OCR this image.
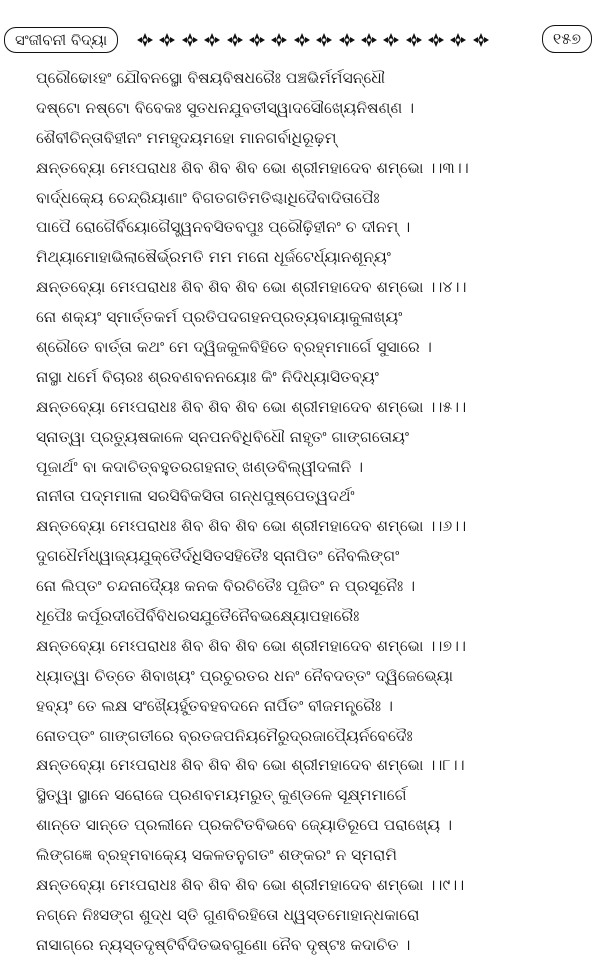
ସଂଜୀବନୀ ବିଦ୍ୟା	୧୫୭
ପ୍ରୌଢୋଽହଂ ଯୌବନସ୍ଥୋ ବିଷୟବିଷଧରୈଃ ପଞ୍ଚଭିର୍ମର୍ମସନ୍ଧୌ
ଦଷ୍ଟୋ ନଷ୍ଟୋ ବିବେକଃ ସୁତଧନଯୁବତୀସ୍ୱାଦସୌଖ୍ୟେନିଷଣ୍ଣ ।
ଶୈବୀଚିନ୍ତାବିହୀନଂ ମମହୃଦୟମହୋ ମାନଗର୍ବାଧିରୂଢ଼ମ୍
କ୍ଷନ୍ତବ୍ୟୋ ମେଽପରାଧଃ ଶିବ ଶିବ ଶିବ ଭୋ ଶ୍ରୀମହାଦେବ ଶମ୍ଭୋ ।।୩।।
ବାର୍ଦ୍ଧକ୍ୟେ ଚେନ୍ଦ୍ରିୟାଣାଂ ବିଗତଗତିମତିଶ୍ଚାଧିଦୈବାଦିତାପୈଃ
ପାପୈ ରୋଗୈର୍ବିୟୋଗୈସ୍ତ୍ୱନବସିତବପୁଃ ପ୍ରୌଢ଼ିହୀନଂ ଚ ଦୀନମ୍ ।
ମିଥ୍ୟାମୋହାଭିଲାଷୈର୍ଭ୍ରମତି ମମ ମନୋ ଧୂର୍ଜଟେର୍ଧ୍ୟାନଶୂନ୍ୟଂ
କ୍ଷନ୍ତବ୍ୟୋ ମେଽପରାଧଃ ଶିବ ଶିବ ଶିବ ଭୋ ଶ୍ରୀମହାଦେବ ଶମ୍ଭୋ ।।୪।।
ନୋ ଶକ୍ୟଂ ସ୍ମାର୍ତ୍ତକର୍ମ ପ୍ରତିପଦଗହନପ୍ରତ୍ୟବାୟାକୁଳାଖ୍ୟଂ
ଶ୍ରୌତେ ବାର୍ତ୍ତା କଥଂ ମେ ଦ୍ୱିଜକୁଳବିହିତେ ବ୍ରହ୍ମମାର୍ଗେ ସୁସାରେ ।
ନାସ୍ଥା ଧର୍ମେ ବିଚାରଃ ଶ୍ରବଣବନନୟୋଃ କିଂ ନିଦିଧ୍ୟାସିତବ୍ୟଂ
କ୍ଷନ୍ତବ୍ୟୋ ମେଽପରାଧଃ ଶିବ ଶିବ ଶିବ ଭୋ ଶ୍ରୀମହାଦେବ ଶମ୍ଭୋ ।।୫।।
ସ୍ନାତ୍ୱା ପ୍ରତ୍ୟୁଷକାଳେ ସ୍ନପନବିଧିବିଧୌ ନାହୃତଂ ଗାଙ୍ଗତୋୟଂ
ପୂଜାର୍ଥଂ ବା କଦାଚିତ୍‌ବହୁତରଗହନାତ୍ ଖଣ୍ଡବିଲ୍ୱୀଦଳାନି ।
ନାନୀତା ପଦ୍ମମାଳା ସରସିବିକସିତା ଗନ୍ଧପୁଷ୍ପେତ୍ୱଦର୍ଥଂ
କ୍ଷନ୍ତବ୍ୟୋ ମେଽପରାଧଃ ଶିବ ଶିବ ଶିବ ଭୋ ଶ୍ରୀମହାଦେବ ଶମ୍ଭୋ ।।୬।।
ଦୁଗଧୈର୍ମଧ୍ୱାଜ୍ୟଯୁକ୍ତୈର୍ଦଧିସିତସହିତୈଃ ସ୍ନାପିତଂ ନୈବଲିଙ୍ଗଂ
ନୋ ଲିପ୍ତଂ ଚନ୍ଦନାଦ୍ୟୈଃ କନକ ବିରଚିତୈଃ ପୂଜିତଂ ନ ପ୍ରସୂନୈଃ ।
ଧୂପୈଃ କର୍ପୂରଦୀପୈର୍ବିବିଧରସଯୁତୈନୈବଭକ୍ଷ୍ୟୋପହାରୈଃ
କ୍ଷନ୍ତବ୍ୟୋ ମେଽପରାଧଃ ଶିବ ଶିବ ଶିବ ଭୋ ଶ୍ରୀମହାଦେବ ଶମ୍ଭୋ ।।୭।।
ଧ୍ୟାତ୍ୱା ଚିତ୍ତେ ଶିବାଖ୍ୟଂ ପ୍ରଚୁରତର ଧନଂ ନୈବଦତ୍ତଂ ଦ୍ୱିଜେଭ୍ୟୋ
ହବ୍ୟଂ ତେ ଲକ୍ଷ ସଂଖ୍ୟୈର୍ହୁତବହବଦନେ ନାର୍ପିତଂ ବୀଜମନ୍ତ୍ରୈଃ ।
ନୋତପ୍ତଂ ଗାଙ୍ଗତୀରେ ବ୍ରତଜପନିୟମୈରୁଦ୍ରଜାପ୍ୟୈର୍ନବେଦୈଃ
କ୍ଷନ୍ତବ୍ୟୋ ମେଽପରାଧଃ ଶିବ ଶିବ ଶିବ ଭୋ ଶ୍ରୀମହାଦେବ ଶମ୍ଭୋ ।।୮।।
ସ୍ଥିତ୍ୱା ସ୍ଥାନେ ସରୋଜେ ପ୍ରଣବମୟମରୁତ୍ କୁଣ୍ଡଳେ ସୂକ୍ଷ୍ମମାର୍ଗେ
ଶାନ୍ତେ ସାନ୍ତେ ପ୍ରଲୀନେ ପ୍ରକଟିତବିଭବେ ଜ୍ୟୋତିରୂପେ ପରାଖ୍ୟେ ।
ଲିଙ୍ଗଜ୍ଞେ ବ୍ରହ୍ମବାକ୍ୟେ ସକଳତନୁଗତଂ ଶଙ୍କରଂ ନ ସ୍ମରାମି
କ୍ଷନ୍ତବ୍ୟୋ ମେଽପରାଧଃ ଶିବ ଶିବ ଶିବ ଭୋ ଶ୍ରୀମହାଦେବ ଶମ୍ଭୋ ।।୯।।
ନଗ୍ନେ ନିଃସଙ୍ଗ ଶୁଦ୍ଧ ସ୍ତି ଗୁଣବିରହିତୋ ଧ୍ୱସ୍ତମୋହାନ୍ଧକାରୋ
ନାସାଗ୍ରେ ନ୍ୟସ୍ତଦୃଷ୍ଟିର୍ବିଦିତଭବଗୁଣୋ ନୈବ ଦୃଷ୍ଟଃ କଦାଚିତ ।
